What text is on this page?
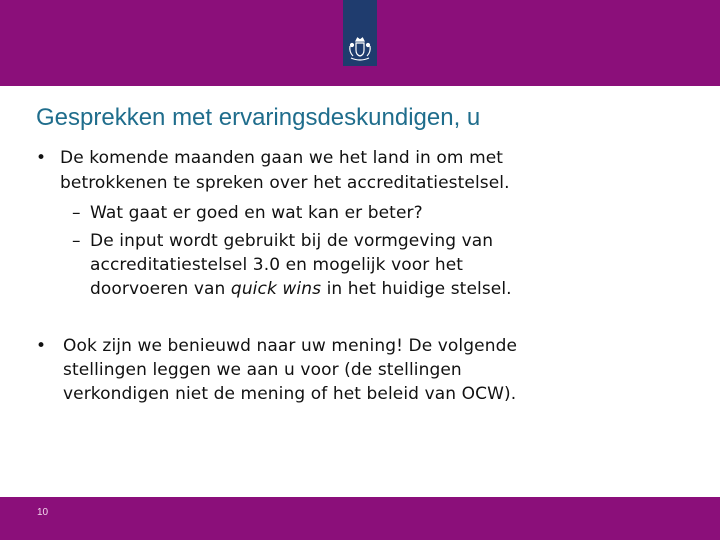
Gesprekken met ervaringsdeskundigen, u
• De komende maanden gaan we het land in om met
betrokkenen te spreken over het accreditatiestelsel.
– Wat gaat er goed en wat kan er beter?
– De input wordt gebruikt bij de vormgeving van
accreditatiestelsel 3.0 en mogelijk voor het
doorvoeren van quick wins in het huidige stelsel.
• Ook zijn we benieuwd naar uw mening! De volgende
stellingen leggen we aan u voor (de stellingen
verkondigen niet de mening of het beleid van OCW).
10
